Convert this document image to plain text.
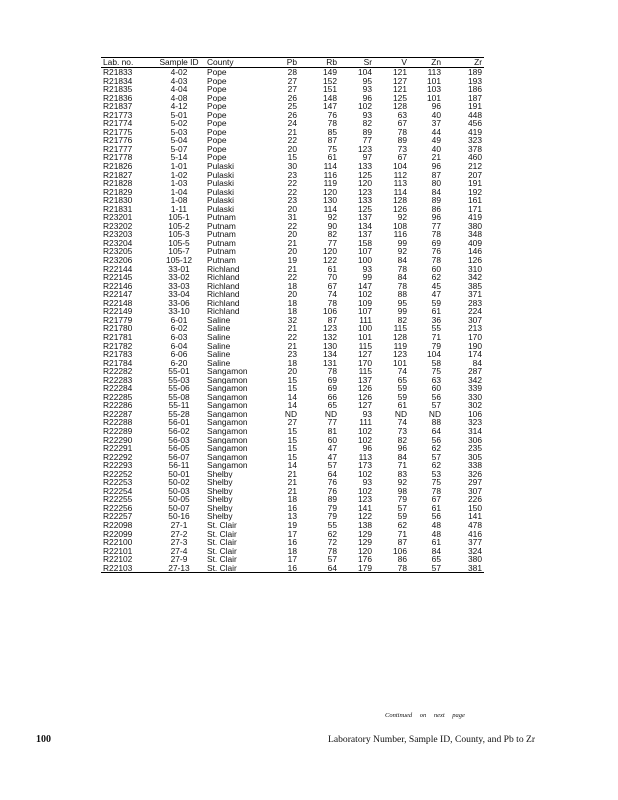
Lab. no.	Sample ID	County	Pb	Rb	Sr	V	Zn	Zr
R21833	4-02	Pope	28	149	104	121	113	189
R21834	4-03	Pope	27	152	95	127	101	193
R21835	4-04	Pope	27	151	93	121	103	186
R21836	4-08	Pope	26	148	96	125	101	187
R21837	4-12	Pope	25	147	102	128	96	191
R21773	5-01	Pope	26	76	93	63	40	448
R21774	5-02	Pope	24	78	82	67	37	456
R21775	5-03	Pope	21	85	89	78	44	419
R21776	5-04	Pope	22	87	77	89	49	323
R21777	5-07	Pope	20	75	123	73	40	378
R21778	5-14	Pope	15	61	97	67	21	460
R21826	1-01	Pulaski	30	114	133	104	96	212
R21827	1-02	Pulaski	23	116	125	112	87	207
R21828	1-03	Pulaski	22	119	120	113	80	191
R21829	1-04	Pulaski	22	120	123	114	84	192
R21830	1-08	Pulaski	23	130	133	128	89	161
R21831	1-11	Pulaski	20	114	125	126	86	171
R23201	105-1	Putnam	31	92	137	92	96	419
R23202	105-2	Putnam	22	90	134	108	77	380
R23203	105-3	Putnam	20	82	137	116	78	348
R23204	105-5	Putnam	21	77	158	99	69	409
R23205	105-7	Putnam	20	120	107	92	76	146
R23206	105-12	Putnam	19	122	100	84	78	126
R22144	33-01	Richland	21	61	93	78	60	310
R22145	33-02	Richland	22	70	99	84	62	342
R22146	33-03	Richland	18	67	147	78	45	385
R22147	33-04	Richland	20	74	102	88	47	371
R22148	33-06	Richland	18	78	109	95	59	283
R22149	33-10	Richland	18	106	107	99	61	224
R21779	6-01	Saline	32	87	111	82	36	307
R21780	6-02	Saline	21	123	100	115	55	213
R21781	6-03	Saline	22	132	101	128	71	170
R21782	6-04	Saline	21	130	115	119	79	190
R21783	6-06	Saline	23	134	127	123	104	174
R21784	6-20	Saline	18	131	170	101	58	84
R22282	55-01	Sangamon	20	78	115	74	75	287
R22283	55-03	Sangamon	15	69	137	65	63	342
R22284	55-06	Sangamon	15	69	126	59	60	339
R22285	55-08	Sangamon	14	66	126	59	56	330
R22286	55-11	Sangamon	14	65	127	61	57	302
R22287	55-28	Sangamon	ND	ND	93	ND	ND	106
R22288	56-01	Sangamon	27	77	111	74	88	323
R22289	56-02	Sangamon	15	81	102	73	64	314
R22290	56-03	Sangamon	15	60	102	82	56	306
R22291	56-05	Sangamon	15	47	96	96	62	235
R22292	56-07	Sangamon	15	47	113	84	57	305
R22293	56-11	Sangamon	14	57	173	71	62	338
R22252	50-01	Shelby	21	64	102	83	53	326
R22253	50-02	Shelby	21	76	93	92	75	297
R22254	50-03	Shelby	21	76	102	98	78	307
R22255	50-05	Shelby	18	89	123	79	67	226
R22256	50-07	Shelby	16	79	141	57	61	150
R22257	50-16	Shelby	13	79	122	59	56	141
R22098	27-1	St. Clair	19	55	138	62	48	478
R22099	27-2	St. Clair	17	62	129	71	48	416
R22100	27-3	St. Clair	16	72	129	87	61	377
R22101	27-4	St. Clair	18	78	120	106	84	324
R22102	27-9	St. Clair	17	57	176	86	65	380
R22103	27-13	St. Clair	16	64	179	78	57	381
Continued on next page
100	Laboratory Number, Sample ID, County, and Pb to Zr
